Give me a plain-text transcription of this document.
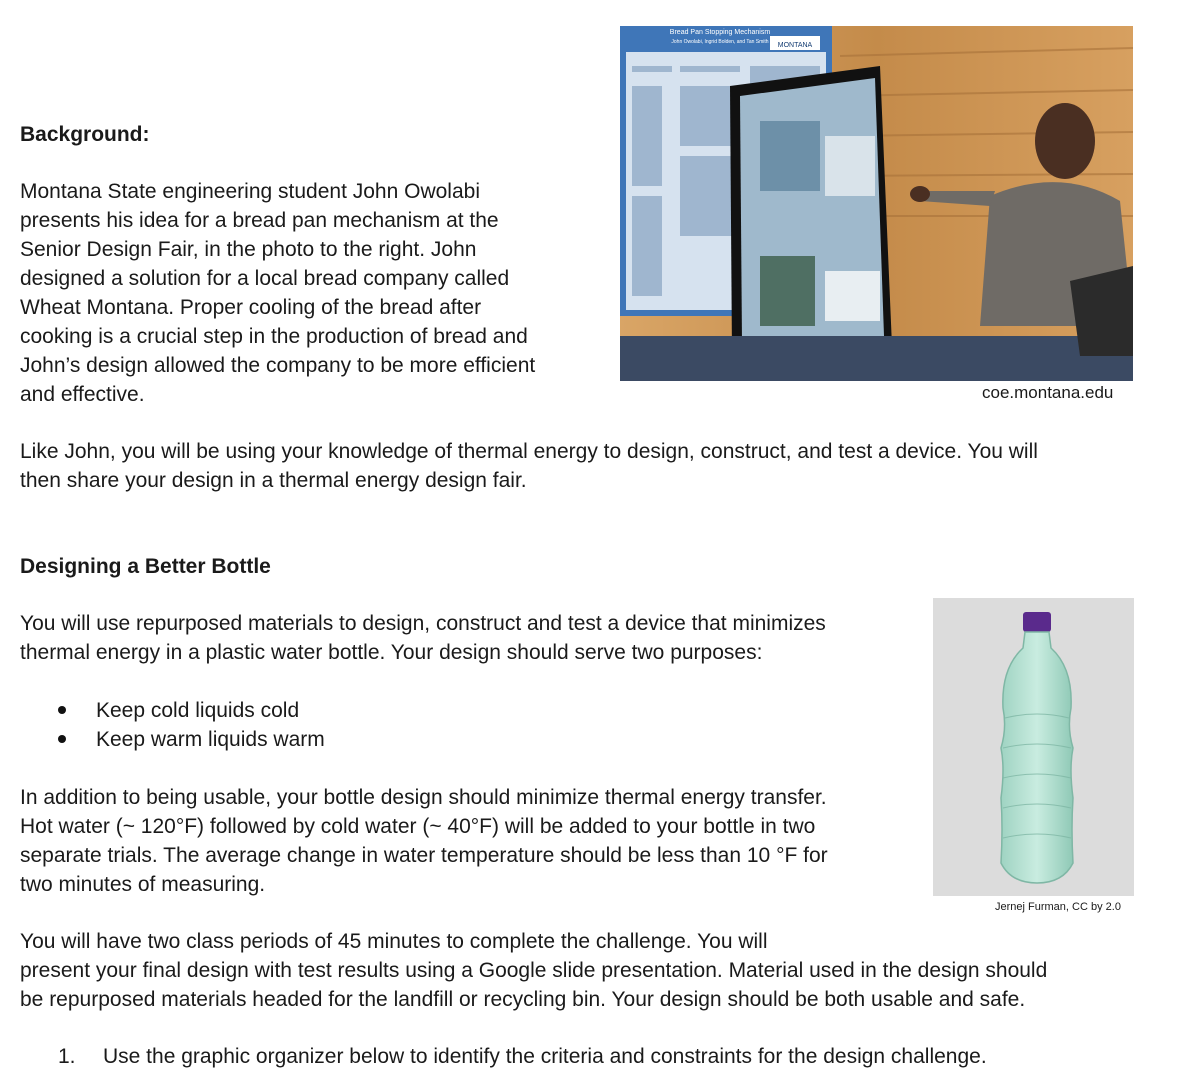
Background:
Montana State engineering student John Owolabi
presents his idea for a bread pan mechanism at the
Senior Design Fair, in the photo to the right. John
designed a solution for a local bread company called
Wheat Montana. Proper cooling of the bread after
cooking is a crucial step in the production of bread and
John’s design allowed the company to be more efficient
and effective.
MONTANA
Bread Pan Stopping Mechanism
John Owolabi, Ingrid Bolden, and Tan Smith
coe.montana.edu
Like John, you will be using your knowledge of thermal energy to design, construct, and test a device. You will
then share your design in a thermal energy design fair.
Designing a Better Bottle
You will use repurposed materials to design, construct and test a device that minimizes
thermal energy in a plastic water bottle. Your design should serve two purposes:
Keep cold liquids cold
Keep warm liquids warm
In addition to being usable, your bottle design should minimize thermal energy transfer.
Hot water (~ 120°F) followed by cold water (~ 40°F) will be added to your bottle in two
separate trials. The average change in water temperature should be less than 10 °F for
two minutes of measuring.
Jernej Furman, CC by 2.0
You will have two class periods of 45 minutes to complete the challenge. You will
present your final design with test results using a Google slide presentation. Material used in the design should
be repurposed materials headed for the landfill or recycling bin. Your design should be both usable and safe.
1.	Use the graphic organizer below to identify the criteria and constraints for the design challenge.
